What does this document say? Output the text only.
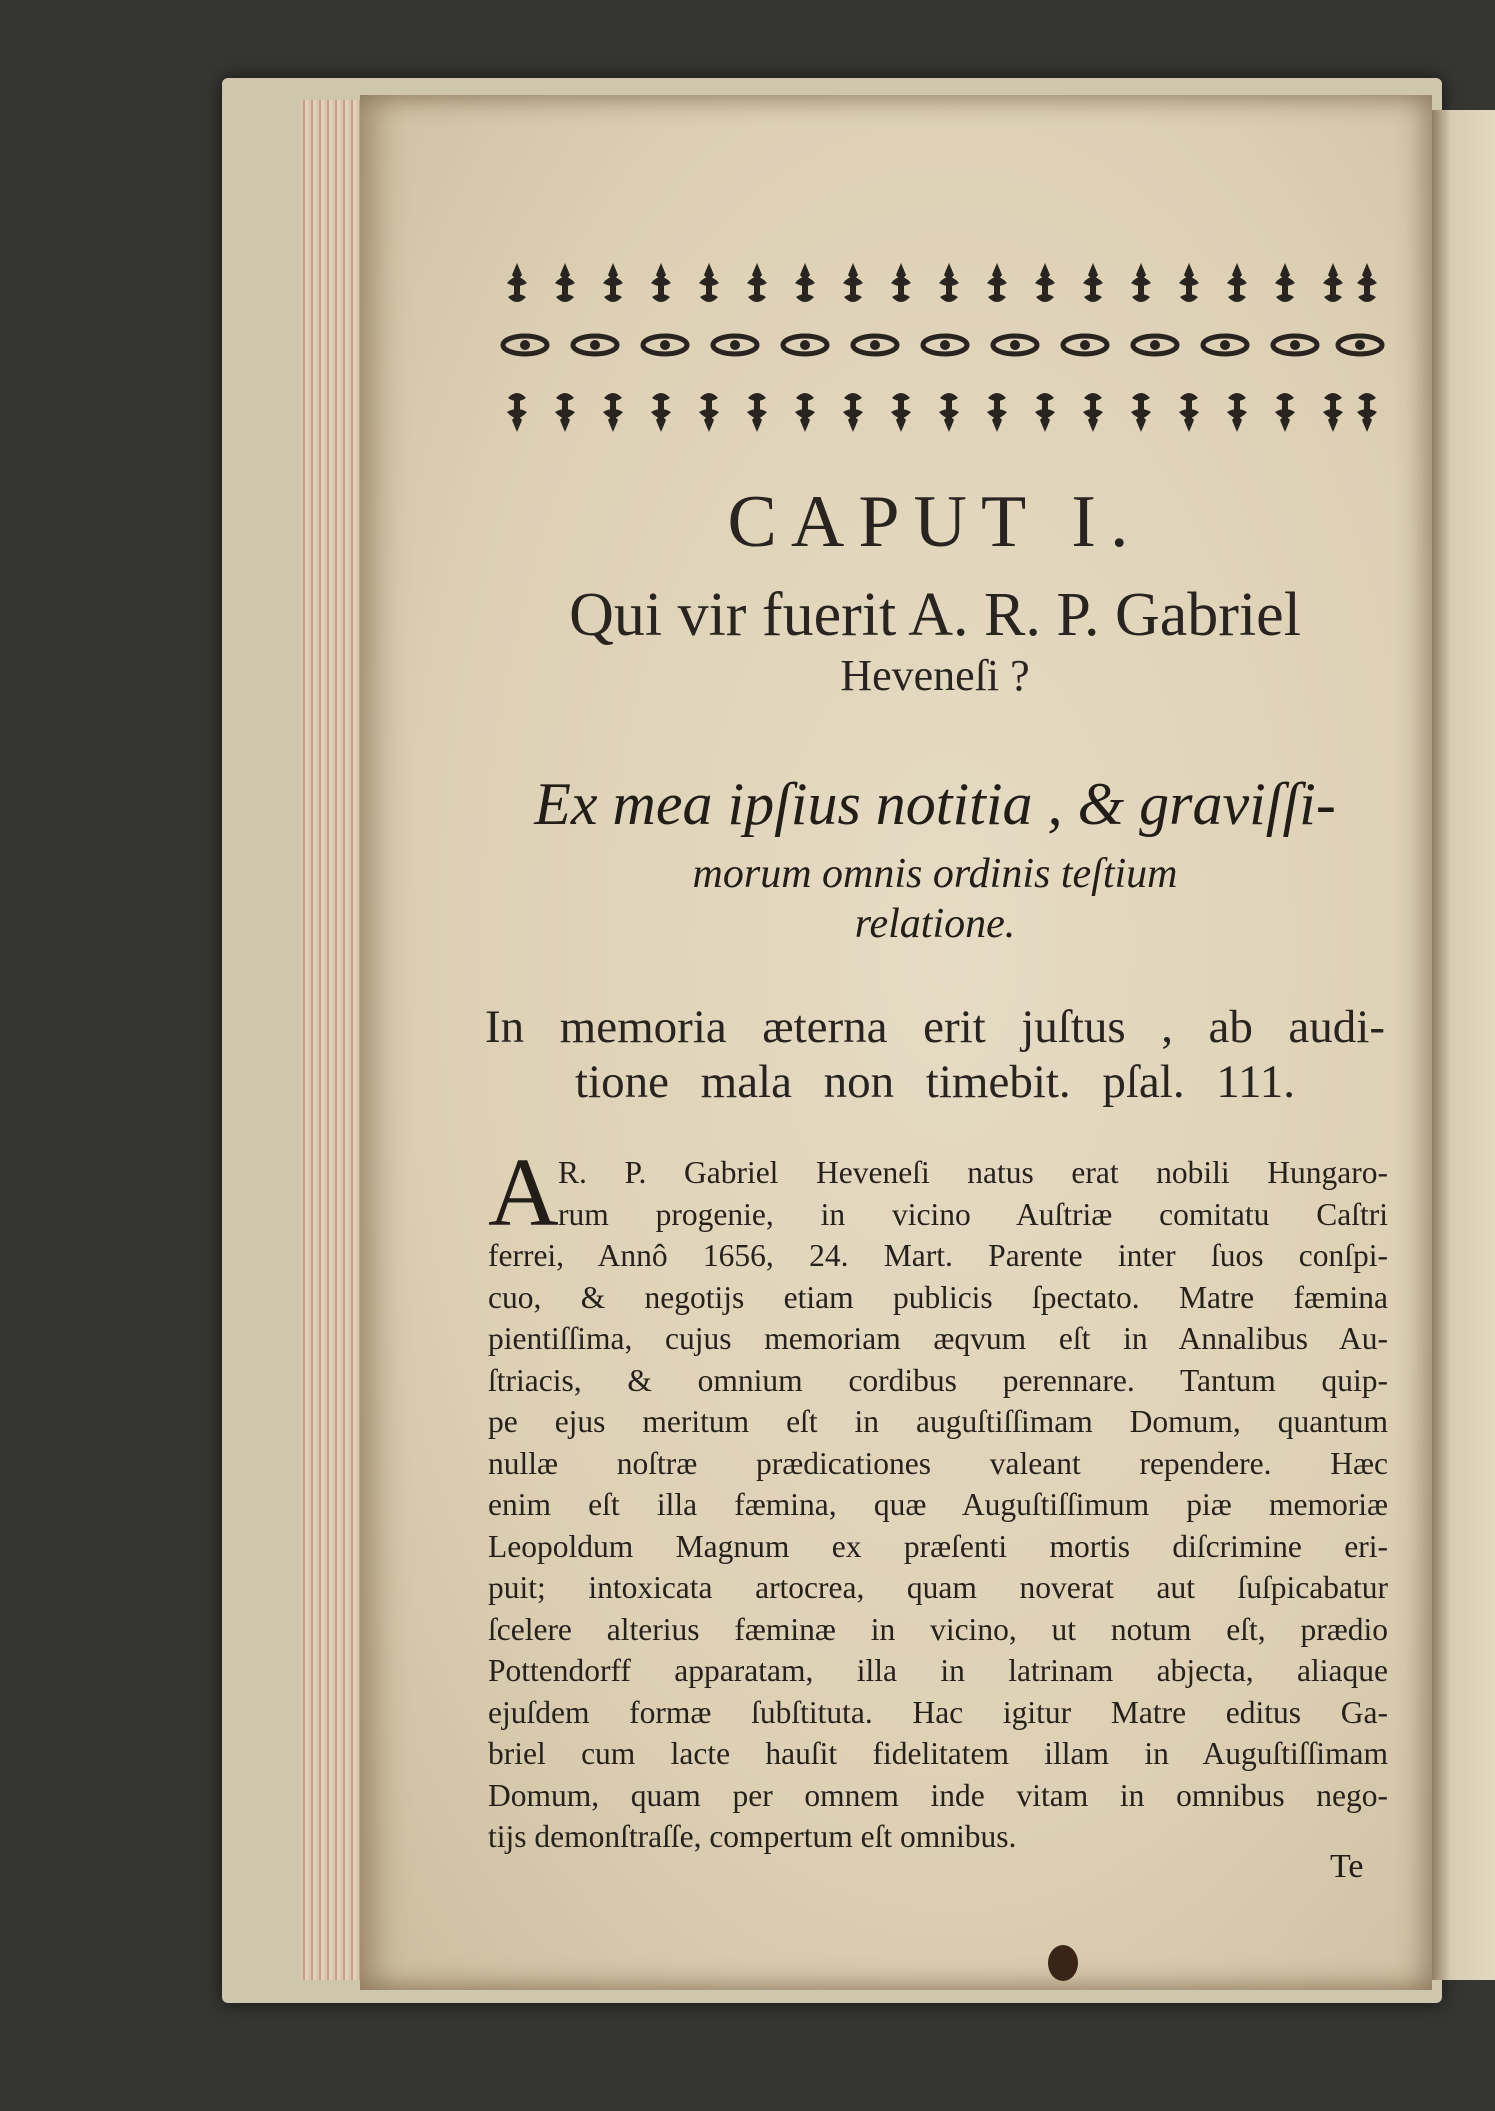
CAPUT I.
Qui vir fuerit A. R. P. Gabriel
Heveneſi ?
Ex mea ipſius notitia , & graviſſi-
morum omnis ordinis teſtium
relatione.
In memoria æterna erit juſtus , ab audi-
tione mala non timebit. pſal. 111.
A R. P. Gabriel Heveneſi natus erat nobili Hungaro-
rum progenie, in vicino Auſtriæ comitatu Caſtri
ferrei, Annô 1656, 24. Mart. Parente inter ſuos conſpi-
cuo, & negotijs etiam publicis ſpectato. Matre fæmina
pientiſſima, cujus memoriam æqvum eſt in Annalibus Au-
ſtriacis, & omnium cordibus perennare. Tantum quip-
pe ejus meritum eſt in auguſtiſſimam Domum, quantum
nullæ noſtræ prædicationes valeant rependere. Hæc
enim eſt illa fæmina, quæ Auguſtiſſimum piæ memoriæ
Leopoldum Magnum ex præſenti mortis diſcrimine eri-
puit; intoxicata artocrea, quam noverat aut ſuſpicabatur
ſcelere alterius fæminæ in vicino, ut notum eſt, prædio
Pottendorff apparatam, illa in latrinam abjecta, aliaque
ejuſdem formæ ſubſtituta. Hac igitur Matre editus Ga-
briel cum lacte hauſit fidelitatem illam in Auguſtiſſimam
Domum, quam per omnem inde vitam in omnibus nego-
tijs demonſtraſſe, compertum eſt omnibus.
Te
